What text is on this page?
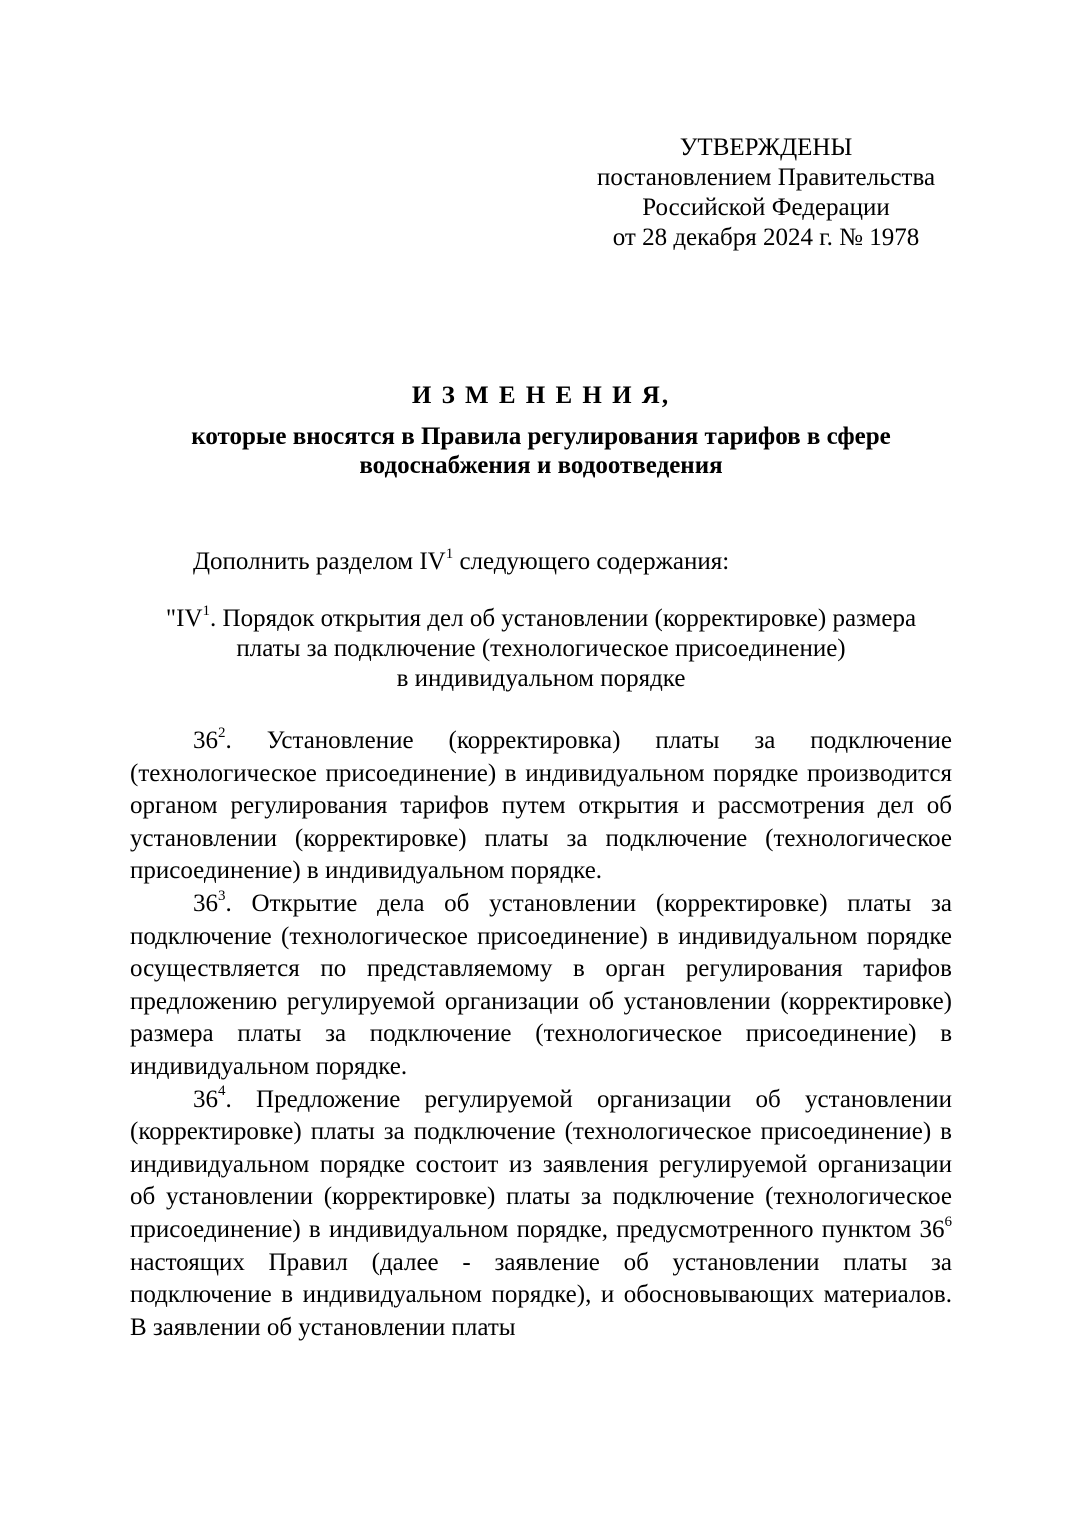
УТВЕРЖДЕНЫ
постановлением Правительства
Российской Федерации
от 28 декабря 2024 г. № 1978
И З М Е Н Е Н И Я,
которые вносятся в Правила регулирования тарифов в сфере
водоснабжения и водоотведения
Дополнить разделом $IV^1$ следующего содержания:
"$IV^1$. Порядок открытия дел об установлении (корректировке) размера
платы за подключение (технологическое присоединение)
в индивидуальном порядке

$36^2$. Установление (корректировка) платы за подключение (технологическое присоединение) в индивидуальном порядке производится органом регулирования тарифов путем открытия и рассмотрения дел об установлении (корректировке) платы за подключение (технологическое присоединение) в индивидуальном порядке.

$36^3$. Открытие дела об установлении (корректировке) платы за подключение (технологическое присоединение) в индивидуальном порядке осуществляется по представляемому в орган регулирования тарифов предложению регулируемой организации об установлении (корректировке) размера платы за подключение (технологическое присоединение) в индивидуальном порядке.

$36^4$. Предложение регулируемой организации об установлении (корректировке) платы за подключение (технологическое присоединение) в индивидуальном порядке состоит из заявления регулируемой организации об установлении (корректировке) платы за подключение (технологическое присоединение) в индивидуальном порядке, предусмотренного пунктом $36^6$ настоящих Правил (далее - заявление об установлении платы за подключение в индивидуальном порядке), и обосновывающих материалов. В заявлении об установлении платы
